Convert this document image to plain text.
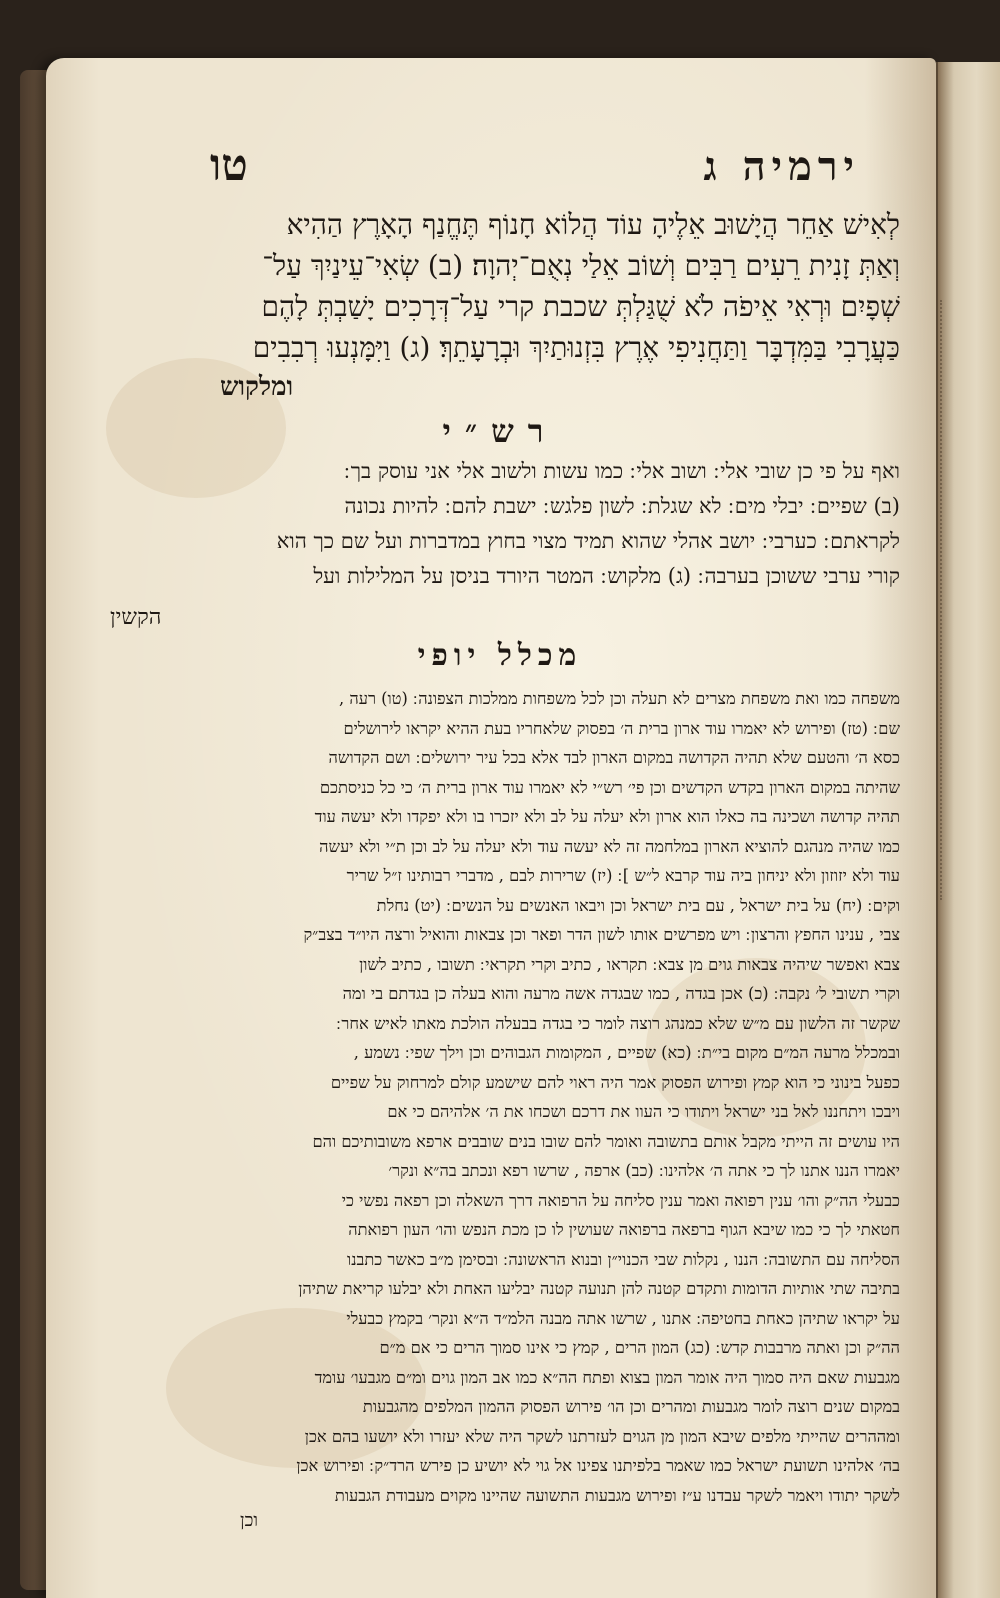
ירמיה ג
טו
לְאִישׁ אַחֵר הֲיָשׁוּב אֵלֶיהָ עוֹד הֲלוֹא חָנוֹף תֶּחֱנַף הָאָרֶץ הַהִיא
וְאַתְּ זָנִית רֵעִים רַבִּים וְשׁוֹב אֵלַי נְאֻם־יְהוָה׃ (ב) שְׂאִי־עֵינַיִךְ עַל־
שְׁפָיִם וּרְאִי אֵיפֹה לֹא שֻׁגַּלְתְּ שכבת קרי עַל־דְּרָכִים יָשַׁבְתְּ לָהֶם
כַּעֲרָבִי בַּמִּדְבָּר וַתַּחֲנִיפִי אֶרֶץ בִּזְנוּתַיִךְ וּבְרָעָתֵךְ׃ (ג) וַיִּמָּנְעוּ רְבִבִים
ומלקוש
רש״י
ואף על פי כן שובי אלי ׃ ושוב אלי ׃ כמו עשות ולשוב אלי אני עוסק בך ׃
(ב) שפיים ׃ יבלי מים ׃ לא שגלת ׃ לשון פלגש ׃ ישבת להם ׃ להיות נכונה
לקראתם ׃ כערבי ׃ יושב אהלי שהוא תמיד מצוי בחוץ במדברות ועל שם כך הוא
קורי ערבי ששוכן בערבה ׃ (ג) מלקוש ׃ המטר היורד בניסן על המלילות ועל
הקשין
מכלל יופי
משפחה כמו ואת משפחת מצרים לא תעלה וכן לכל משפחות ממלכות הצפונה ׃ (טו) רעה ,
שם ׃ (טז) ופירוש לא יאמרו עוד ארון ברית ה׳ בפסוק שלאחריו בעת ההיא יקראו לירושלים
כסא ה׳ והטעם שלא תהיה הקדושה במקום הארון לבד אלא בכל עיר ירושלים ׃ ושם הקדושה
שהיתה במקום הארון בקדש הקדשים וכן פי׳ רש״י לא יאמרו עוד ארון ברית ה׳ כי כל כניסתכם
תהיה קדושה ושכינה בה כאלו הוא ארון ולא יעלה על לב ולא יזכרו בו ולא יפקדו ולא יעשה עוד
כמו שהיה מנהגם להוציא הארון במלחמה זה לא יעשה עוד ולא יעלה על לב וכן ת״י ולא יעשה
עוד ולא יזוזון ולא יניחון ביה עוד קרבא ל״ש ] ׃ (יז) שרירות לבם , מדברי רבותינו ז״ל שריר
וקים ׃ (יח) על בית ישראל , עם בית ישראל וכן ויבאו האנשים על הנשים ׃ (יט) נחלת
צבי , ענינו החפץ והרצון ׃ ויש מפרשים אותו לשון הדר ופאר וכן צבאות והואיל ורצה היו״ד בצב״ק
צבא ואפשר שיהיה צבאות גוים מן צבא ׃ תקראו , כתיב וקרי תקראי ׃ תשובו , כתיב לשון
וקרי תשובי ל׳ נקבה ׃ (כ) אכן בגדה , כמו שבגדה אשה מרעה והוא בעלה כן בגדתם בי ומה
שקשר זה הלשון עם מ״ש שלא כמנהג רוצה לומר כי בגדה בבעלה הולכת מאתו לאיש אחר ׃
ובמכלל מרעה המ״ם מקום בי״ת ׃ (כא) שפיים , המקומות הגבוהים וכן וילך שפי ׃ נשמע ,
כפעל בינוני כי הוא קמץ ופירוש הפסוק אמר היה ראוי להם שישמע קולם למרחוק על שפיים
ויבכו ויתחננו לאל בני ישראל ויתודו כי העוו את דרכם ושכחו את ה׳ אלהיהם כי אם
היו עושים זה הייתי מקבל אותם בתשובה ואומר להם שובו בנים שובבים ארפא משובותיכם והם
יאמרו הננו אתנו לך כי אתה ה׳ אלהינו ׃ (כב) ארפה , שרשו רפא ונכתב בה״א ונקר׳
כבעלי הה״ק והו׳ ענין רפואה ואמר ענין סליחה על הרפואה דרך השאלה וכן רפאה נפשי כי
חטאתי לך כי כמו שיבא הגוף ברפאה ברפואה שעושין לו כן מכת הנפש והו׳ העון רפואתה
הסליחה עם התשובה ׃ הננו , נקלות שבי הכנוי״ן ובנוא הראשונה ׃ ובסימן מ״ב כאשר כתבנו
בתיבה שתי אותיות הדומות ותקדם קטנה להן תנועה קטנה יבליעו האחת ולא יבלעו קריאת שתיהן
על יקראו שתיהן כאחת בחטיפה ׃ אתנו , שרשו אתה מבנה הלמ״ד ה״א ונקר׳ בקמץ כבעלי
הה״ק וכן ואתה מרבבות קדש ׃ (כג) המון הרים , קמץ כי אינו סמוך הרים כי אם מ״ם
מגבעות שאם היה סמוך היה אומר המון בצוא ופתח הה״א כמו אב המון גוים ומ״ם מגבעו׳ עומד
במקום שנים רוצה לומר מגבעות ומהרים וכן הו׳ פירוש הפסוק ההמון המלפים מהגבעות
ומההרים שהייתי מלפים שיבא המון מן הגוים לעזרתנו לשקר היה שלא יעזרו ולא יושעו בהם אכן
בה׳ אלהינו תשועת ישראל כמו שאמר בלפיתנו צפינו אל גוי לא יושיע כן פירש הרד״ק ׃ ופירוש אכן
לשקר יתודו ויאמר לשקר עבדנו ע״ז ופירוש מגבעות התשועה שהיינו מקוים מעבודת הגבעות
וכן
